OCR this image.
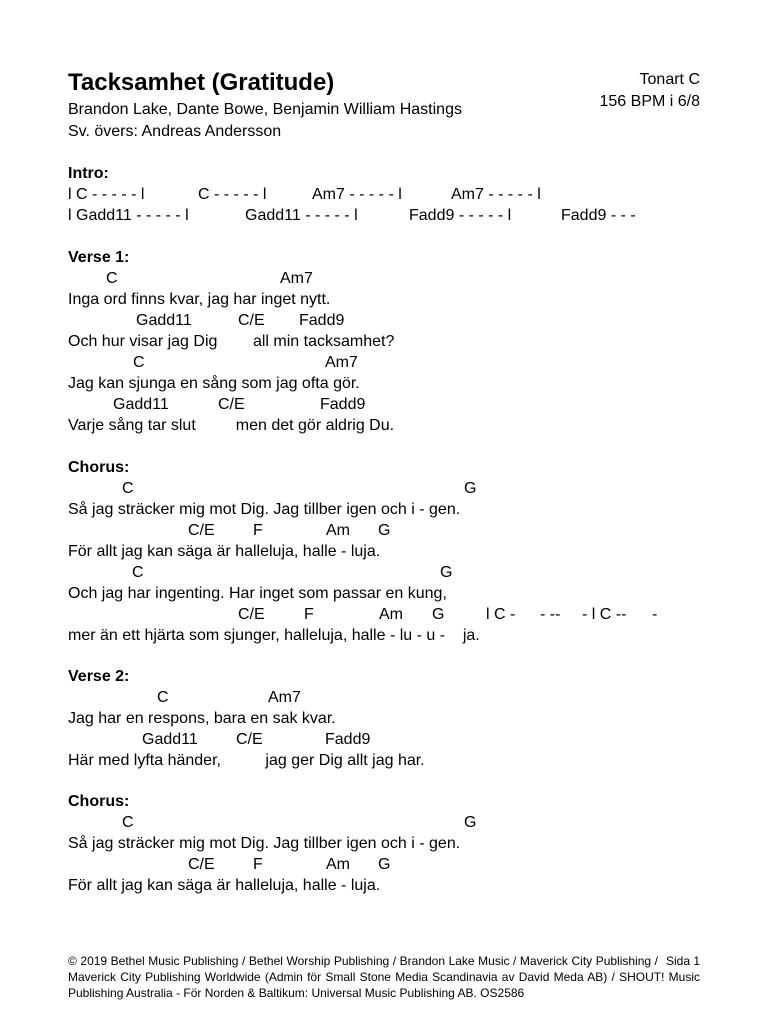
Tacksamhet (Gratitude)
Brandon Lake, Dante Bowe, Benjamin William Hastings
Sv. övers: Andreas Andersson
Tonart C
156 BPM i 6/8
Intro:

l C - - - - - l

	C - - - - - l

	Am7 - - - - - l

	Am7 - - - - - l

l Gadd11 - - - - - l

	Gadd11 - - - - - l

	Fadd9 - - - - - l

	Fadd9 - - -

Verse 1:

C

	Am7

Inga ord finns kvar, jag har inget nytt.

Gadd11

	C/E

Fadd9

Och hur visar jag Dig        all min tacksamhet?

C

	Am7

Jag kan sjunga en sång som jag ofta gör.

Gadd11

	C/E

	Fadd9

Varje sång tar slut         men det gör aldrig Du.
Chorus:

C

	G

Så jag sträcker mig mot Dig. Jag tillber igen och i - gen.

C/E

F

	Am

G

För allt jag kan säga är halleluja, halle - luja.

C

	G

Och jag har ingenting. Har inget som passar en kung,

C/E

F

	Am

G

	l C -

- --

- l C --

-

mer än ett hjärta som sjunger, halleluja, halle - lu - u -    ja.
Verse 2:

C

	Am7

Jag har en respons, bara en sak kvar.

Gadd11

C/E

	Fadd9

Här med lyfta händer,          jag ger Dig allt jag har.
Chorus:

C

	G

Så jag sträcker mig mot Dig. Jag tillber igen och i - gen.

C/E

F

	Am

G

För allt jag kan säga är halleluja, halle - luja.
Sida 1
© 2019 Bethel Music Publishing / Bethel Worship Publishing / Brandon Lake Music / Maverick City Publishing / Maverick City Publishing Worldwide (Admin för Small Stone Media Scandinavia av David Meda AB) / SHOUT! Music Publishing Australia - För Norden & Baltikum: Universal Music Publishing AB. OS2586
